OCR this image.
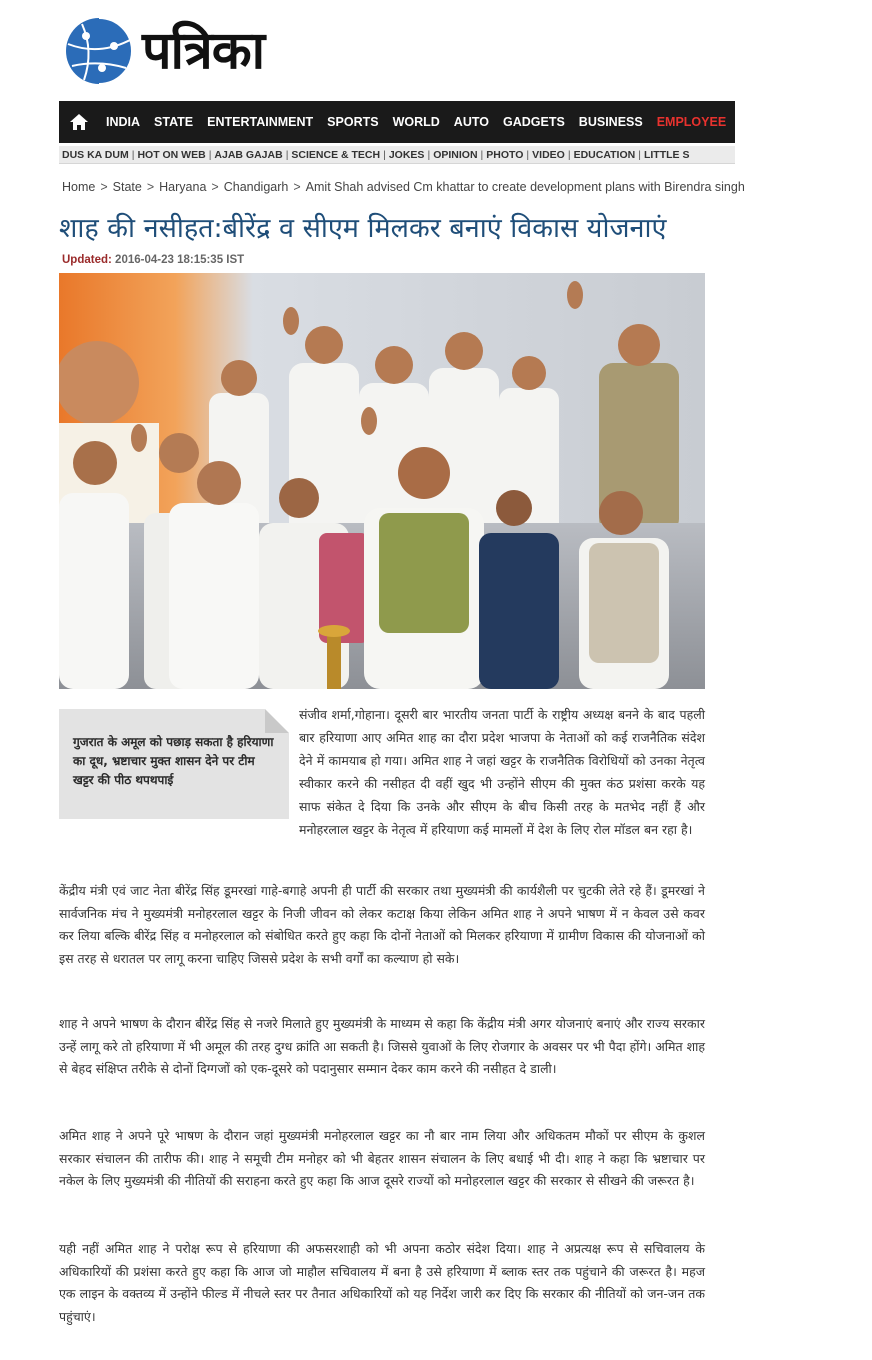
पत्रिका
INDIA	STATE	ENTERTAINMENT	SPORTS	WORLD	AUTO	GADGETS	BUSINESS	EMPLOYEE
DUS KA DUM | HOT ON WEB | AJAB GAJAB | SCIENCE & TECH | JOKES | OPINION | PHOTO | VIDEO | EDUCATION | LITTLE S
Home > State > Haryana > Chandigarh > Amit Shah advised Cm khattar to create development plans with Birendra singh
शाह की नसीहत:बीरेंद्र व सीएम मिलकर बनाएं विकास योजनाएं
Updated: 2016-04-23 18:15:35 IST

गुजरात के अमूल को पछाड़ सकता है हरियाणा का दूध, भ्रष्टाचार मुक्त शासन देने पर टीम खट्टर की पीठ थपथपाई

संजीव शर्मा,गोहाना। दूसरी बार भारतीय जनता पार्टी के राष्ट्रीय अध्यक्ष बनने के बाद पहली बार हरियाणा आए अमित शाह का दौरा प्रदेश भाजपा के नेताओं को कई राजनैतिक संदेश देने में कामयाब हो गया। अमित शाह ने जहां खट्टर के राजनैतिक विरोधियों को उनका नेतृत्व स्वीकार करने की नसीहत दी वहीं खुद भी उन्होंने सीएम की मुक्त कंठ प्रशंसा करके यह साफ संकेत दे दिया कि उनके और सीएम के बीच किसी तरह के मतभेद नहीं हैं और मनोहरलाल खट्टर के नेतृत्व में हरियाणा कई मामलों में देश के लिए रोल मॉडल बन रहा है।

केंद्रीय मंत्री एवं जाट नेता बीरेंद्र सिंह डूमरखां गाहे-बगाहे अपनी ही पार्टी की सरकार तथा मुख्यमंत्री की कार्यशैली पर चुटकी लेते रहे हैं। डूमरखां ने सार्वजनिक मंच ने मुख्यमंत्री मनोहरलाल खट्टर के निजी जीवन को लेकर कटाक्ष किया लेकिन अमित शाह ने अपने भाषण में न केवल उसे कवर कर लिया बल्कि बीरेंद्र सिंह व मनोहरलाल को संबोधित करते हुए कहा कि दोनों नेताओं को मिलकर हरियाणा में ग्रामीण विकास की योजनाओं को इस तरह से धरातल पर लागू करना चाहिए जिससे प्रदेश के सभी वर्गों का कल्याण हो सके।

शाह ने अपने भाषण के दौरान बीरेंद्र सिंह से नजरे मिलाते हुए मुख्यमंत्री के माध्यम से कहा कि केंद्रीय मंत्री अगर योजनाएं बनाएं और राज्य सरकार उन्हें लागू करे तो हरियाणा में भी अमूल की तरह दुग्ध क्रांति आ सकती है। जिससे युवाओं के लिए रोजगार के अवसर पर भी पैदा होंगे। अमित शाह से बेहद संक्षिप्त तरीके से दोनों दिग्गजों को एक-दूसरे को पदानुसार सम्मान देकर काम करने की नसीहत दे डाली।

अमित शाह ने अपने पूरे भाषण के दौरान जहां मुख्यमंत्री मनोहरलाल खट्टर का नौ बार नाम लिया और अधिकतम मौकों पर सीएम के कुशल सरकार संचालन की तारीफ की। शाह ने समूची टीम मनोहर को भी बेहतर शासन संचालन के लिए बधाई भी दी। शाह ने कहा कि भ्रष्टाचार पर नकेल के लिए मुख्यमंत्री की नीतियों की सराहना करते हुए कहा कि आज दूसरे राज्यों को मनोहरलाल खट्टर की सरकार से सीखने की जरूरत है।

यही नहीं अमित शाह ने परोक्ष रूप से हरियाणा की अफसरशाही को भी अपना कठोर संदेश दिया। शाह ने अप्रत्यक्ष रूप से सचिवालय के अधिकारियों की प्रशंसा करते हुए कहा कि आज जो माहौल सचिवालय में बना है उसे हरियाणा में ब्लाक स्तर तक पहुंचाने की जरूरत है। महज एक लाइन के वक्तव्य में उन्होंने फील्ड में नीचले स्तर पर तैनात अधिकारियों को यह निर्देश जारी कर दिए कि सरकार की नीतियों को जन-जन तक पहुंचाएं।
